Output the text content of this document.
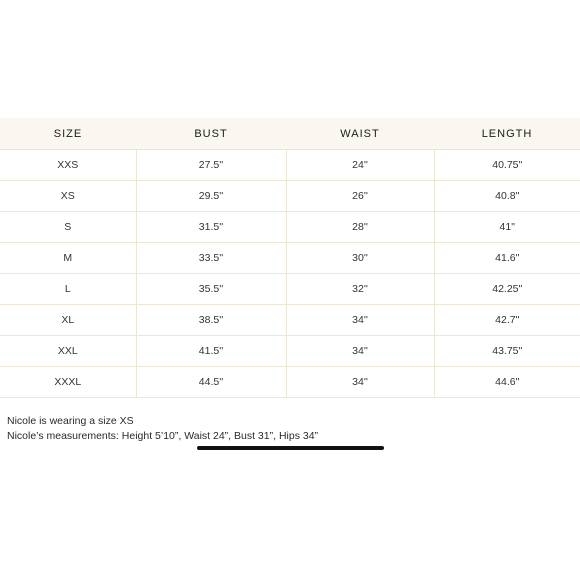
SIZE	BUST	WAIST	LENGTH
XXS	27.5''	24''	40.75"
XS	29.5''	26''	40.8"
S	31.5''	28''	41"
M	33.5''	30''	41.6"
L	35.5''	32''	42.25"
XL	38.5''	34''	42.7"
XXL	41.5''	34''	43.75"
XXXL	44.5''	34''	44.6"

Nicole is wearing a size XS

Nicole’s measurements: Height 5’10”, Waist 24”, Bust 31”, Hips 34”
